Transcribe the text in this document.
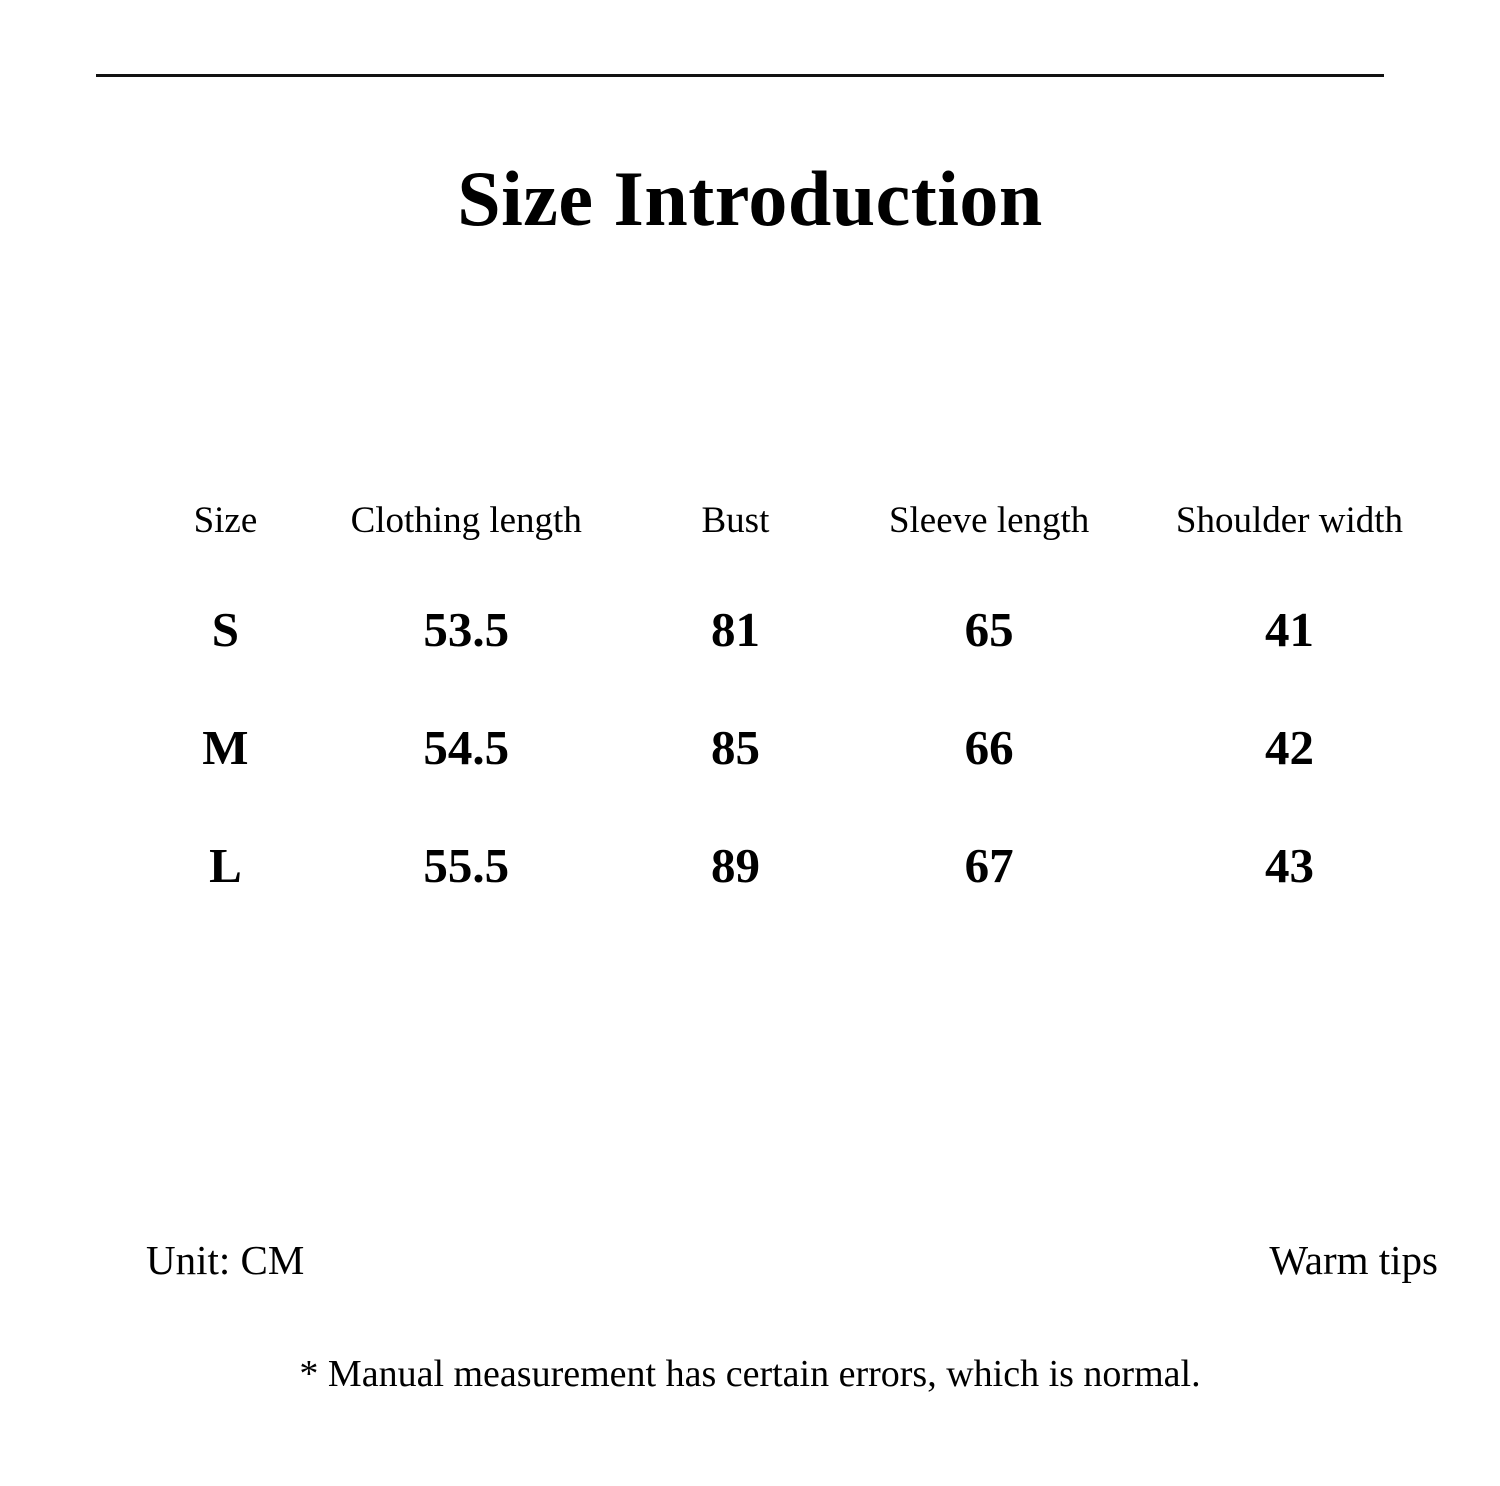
Size Introduction
Size	Clothing length	Bust	Sleeve length	Shoulder width
S	53.5	81	65	41
M	54.5	85	66	42
L	55.5	89	67	43
Unit: CM	Warm tips
* Manual measurement has certain errors, which is normal.
